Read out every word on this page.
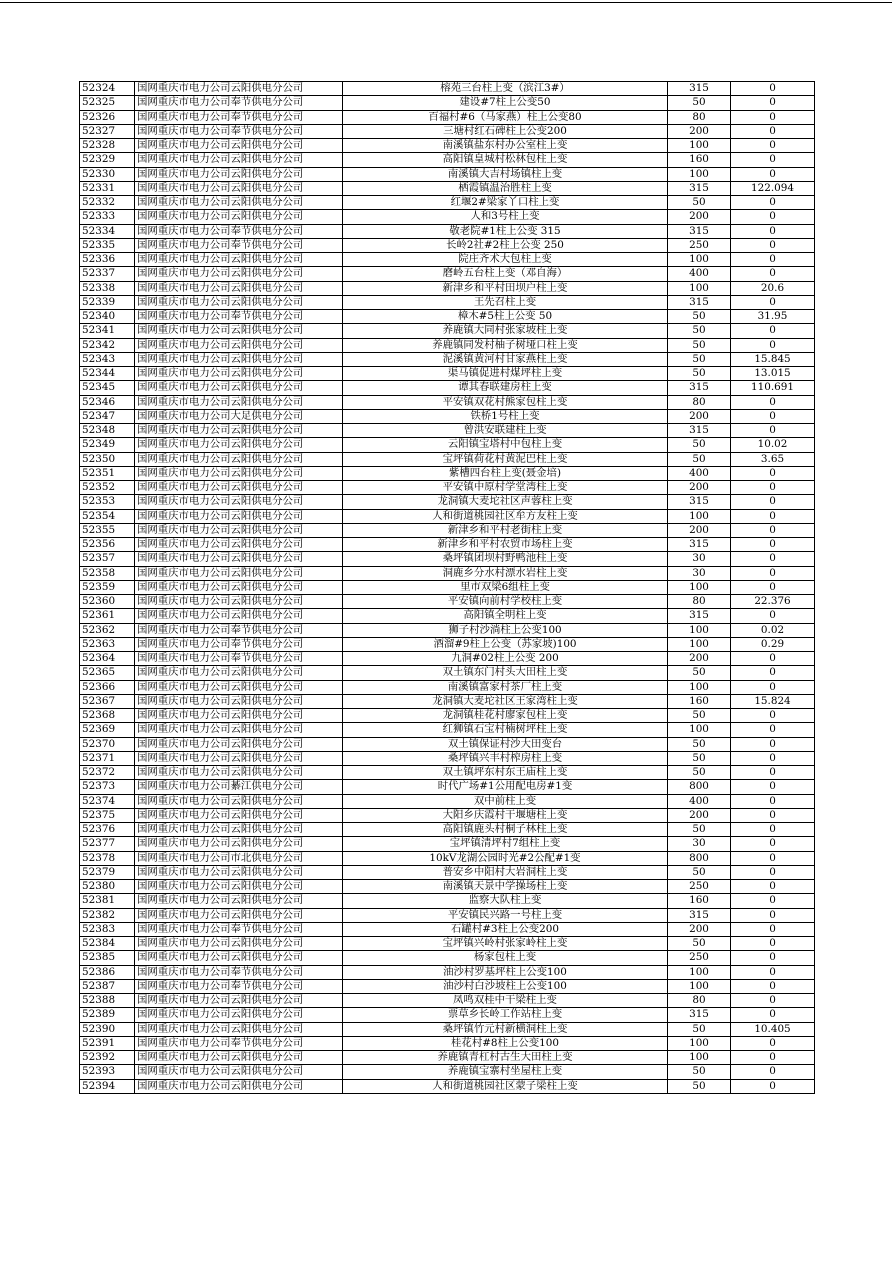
52324	国网重庆市电力公司云阳供电分公司	榕苑三台柱上变（滨江3#）	315	0
52325	国网重庆市电力公司奉节供电分公司	建设#7柱上公变50	50	0
52326	国网重庆市电力公司奉节供电分公司	百福村#6（马家燕）柱上公变80	80	0
52327	国网重庆市电力公司奉节供电分公司	三塘村红石碑柱上公变200	200	0
52328	国网重庆市电力公司云阳供电分公司	南溪镇盐东村办公室柱上变	100	0
52329	国网重庆市电力公司云阳供电分公司	高阳镇皇城村松林包柱上变	160	0
52330	国网重庆市电力公司云阳供电分公司	南溪镇大吉村场镇柱上变	100	0
52331	国网重庆市电力公司云阳供电分公司	栖霞镇温治胜柱上变	315	122.094
52332	国网重庆市电力公司云阳供电分公司	红堰2#梁家丫口柱上变	50	0
52333	国网重庆市电力公司云阳供电分公司	人和3号柱上变	200	0
52334	国网重庆市电力公司奉节供电分公司	敬老院#1柱上公变 315	315	0
52335	国网重庆市电力公司奉节供电分公司	长岭2社#2柱上公变 250	250	0
52336	国网重庆市电力公司云阳供电分公司	院庄齐术大包柱上变	100	0
52337	国网重庆市电力公司云阳供电分公司	磨岭五台柱上变（邓自海）	400	0
52338	国网重庆市电力公司云阳供电分公司	新津乡和平村田坝户柱上变	100	20.6
52339	国网重庆市电力公司云阳供电分公司	王先召柱上变	315	0
52340	国网重庆市电力公司奉节供电分公司	樟木#5柱上公变 50	50	31.95
52341	国网重庆市电力公司云阳供电分公司	养鹿镇大同村张家坡柱上变	50	0
52342	国网重庆市电力公司云阳供电分公司	养鹿镇同发村柚子树垭口柱上变	50	0
52343	国网重庆市电力公司云阳供电分公司	泥溪镇黄河村甘家燕柱上变	50	15.845
52344	国网重庆市电力公司云阳供电分公司	渠马镇促进村煤坪柱上变	50	13.015
52345	国网重庆市电力公司云阳供电分公司	谭其春联建房柱上变	315	110.691
52346	国网重庆市电力公司云阳供电分公司	平安镇双花村熊家包柱上变	80	0
52347	国网重庆市电力公司大足供电分公司	铁桥1号柱上变	200	0
52348	国网重庆市电力公司云阳供电分公司	曾洪安联建柱上变	315	0
52349	国网重庆市电力公司云阳供电分公司	云阳镇宝塔村中包柱上变	50	10.02
52350	国网重庆市电力公司云阳供电分公司	宝坪镇荷花村黄泥巴柱上变	50	3.65
52351	国网重庆市电力公司云阳供电分公司	紫槽四台柱上变(聂金培)	400	0
52352	国网重庆市电力公司云阳供电分公司	平安镇中原村学堂湾柱上变	200	0
52353	国网重庆市电力公司云阳供电分公司	龙洞镇大麦坨社区声蓉柱上变	315	0
52354	国网重庆市电力公司云阳供电分公司	人和街道桃园社区牟方友柱上变	100	0
52355	国网重庆市电力公司云阳供电分公司	新津乡和平村老街柱上变	200	0
52356	国网重庆市电力公司云阳供电分公司	新津乡和平村农贸市场柱上变	315	0
52357	国网重庆市电力公司云阳供电分公司	桑坪镇团坝村野鸭池柱上变	30	0
52358	国网重庆市电力公司云阳供电分公司	洞鹿乡分水村漂水岩柱上变	30	0
52359	国网重庆市电力公司云阳供电分公司	里市双梁6组柱上变	100	0
52360	国网重庆市电力公司云阳供电分公司	平安镇向前村学校柱上变	80	22.376
52361	国网重庆市电力公司云阳供电分公司	高阳镇全明柱上变	315	0
52362	国网重庆市电力公司奉节供电分公司	狮子村沙淌柱上公变100	100	0.02
52363	国网重庆市电力公司奉节供电分公司	酒溜#9柱上公变（苏家坡)100	100	0.29
52364	国网重庆市电力公司奉节供电分公司	九洞#02柱上公变 200	200	0
52365	国网重庆市电力公司云阳供电分公司	双土镇东门村头大田柱上变	50	0
52366	国网重庆市电力公司云阳供电分公司	南溪镇富家村茶厂柱上变	100	0
52367	国网重庆市电力公司云阳供电分公司	龙洞镇大麦坨社区王家湾柱上变	160	15.824
52368	国网重庆市电力公司云阳供电分公司	龙洞镇桂花村廖家包柱上变	50	0
52369	国网重庆市电力公司云阳供电分公司	红狮镇石宝村楠树坪柱上变	100	0
52370	国网重庆市电力公司云阳供电分公司	双土镇保证村沙大田变台	50	0
52371	国网重庆市电力公司云阳供电分公司	桑坪镇兴丰村榨房柱上变	50	0
52372	国网重庆市电力公司云阳供电分公司	双土镇坪东村东王庙柱上变	50	0
52373	国网重庆市电力公司綦江供电分公司	时代广场#1公用配电房#1变	800	0
52374	国网重庆市电力公司云阳供电分公司	双中前柱上变	400	0
52375	国网重庆市电力公司云阳供电分公司	大阳乡庆霞村干堰塘柱上变	200	0
52376	国网重庆市电力公司云阳供电分公司	高阳镇鹿头村桐子林柱上变	50	0
52377	国网重庆市电力公司云阳供电分公司	宝坪镇清坪村7组柱上变	30	0
52378	国网重庆市电力公司市北供电分公司	10kV龙湖公园时光#2公配#1变	800	0
52379	国网重庆市电力公司云阳供电分公司	普安乡中阳村大岩洞柱上变	50	0
52380	国网重庆市电力公司云阳供电分公司	南溪镇天景中学操场柱上变	250	0
52381	国网重庆市电力公司云阳供电分公司	监察大队柱上变	160	0
52382	国网重庆市电力公司云阳供电分公司	平安镇民兴路一号柱上变	315	0
52383	国网重庆市电力公司奉节供电分公司	石罐村#3柱上公变200	200	0
52384	国网重庆市电力公司云阳供电分公司	宝坪镇兴岭村张家岭柱上变	50	0
52385	国网重庆市电力公司云阳供电分公司	杨家包柱上变	250	0
52386	国网重庆市电力公司奉节供电分公司	油沙村罗基坪柱上公变100	100	0
52387	国网重庆市电力公司奉节供电分公司	油沙村白沙坡柱上公变100	100	0
52388	国网重庆市电力公司云阳供电分公司	凤鸣双桂中干梁柱上变	80	0
52389	国网重庆市电力公司云阳供电分公司	票草乡长岭工作站柱上变	315	0
52390	国网重庆市电力公司云阳供电分公司	桑坪镇竹元村新横洞柱上变	50	10.405
52391	国网重庆市电力公司奉节供电分公司	桂花村#8柱上公变100	100	0
52392	国网重庆市电力公司云阳供电分公司	养鹿镇青杠村古生大田柱上变	100	0
52393	国网重庆市电力公司云阳供电分公司	养鹿镇宝寨村坐屋柱上变	50	0
52394	国网重庆市电力公司云阳供电分公司	人和街道桃园社区蒙子梁柱上变	50	0
